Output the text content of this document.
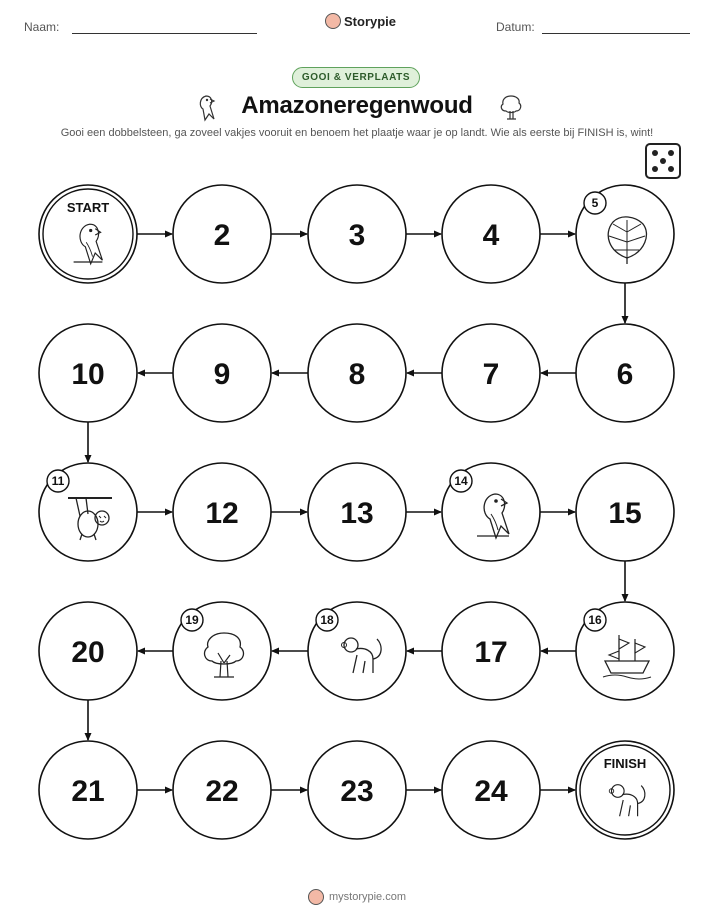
Naam:	Storypie	Datum:
GOOI & VERPLAATS
Amazoneregenwoud
Gooi een dobbelsteen, ga zoveel vakjes vooruit en benoem het plaatje waar je op landt. Wie als eerste bij FINISH is, wint!
START
2	3	4
5
6
7
8
9
10
11
12	13
14
15
16
17
18
19
20
21	22	23	24
FINISH
mystorypie.com
